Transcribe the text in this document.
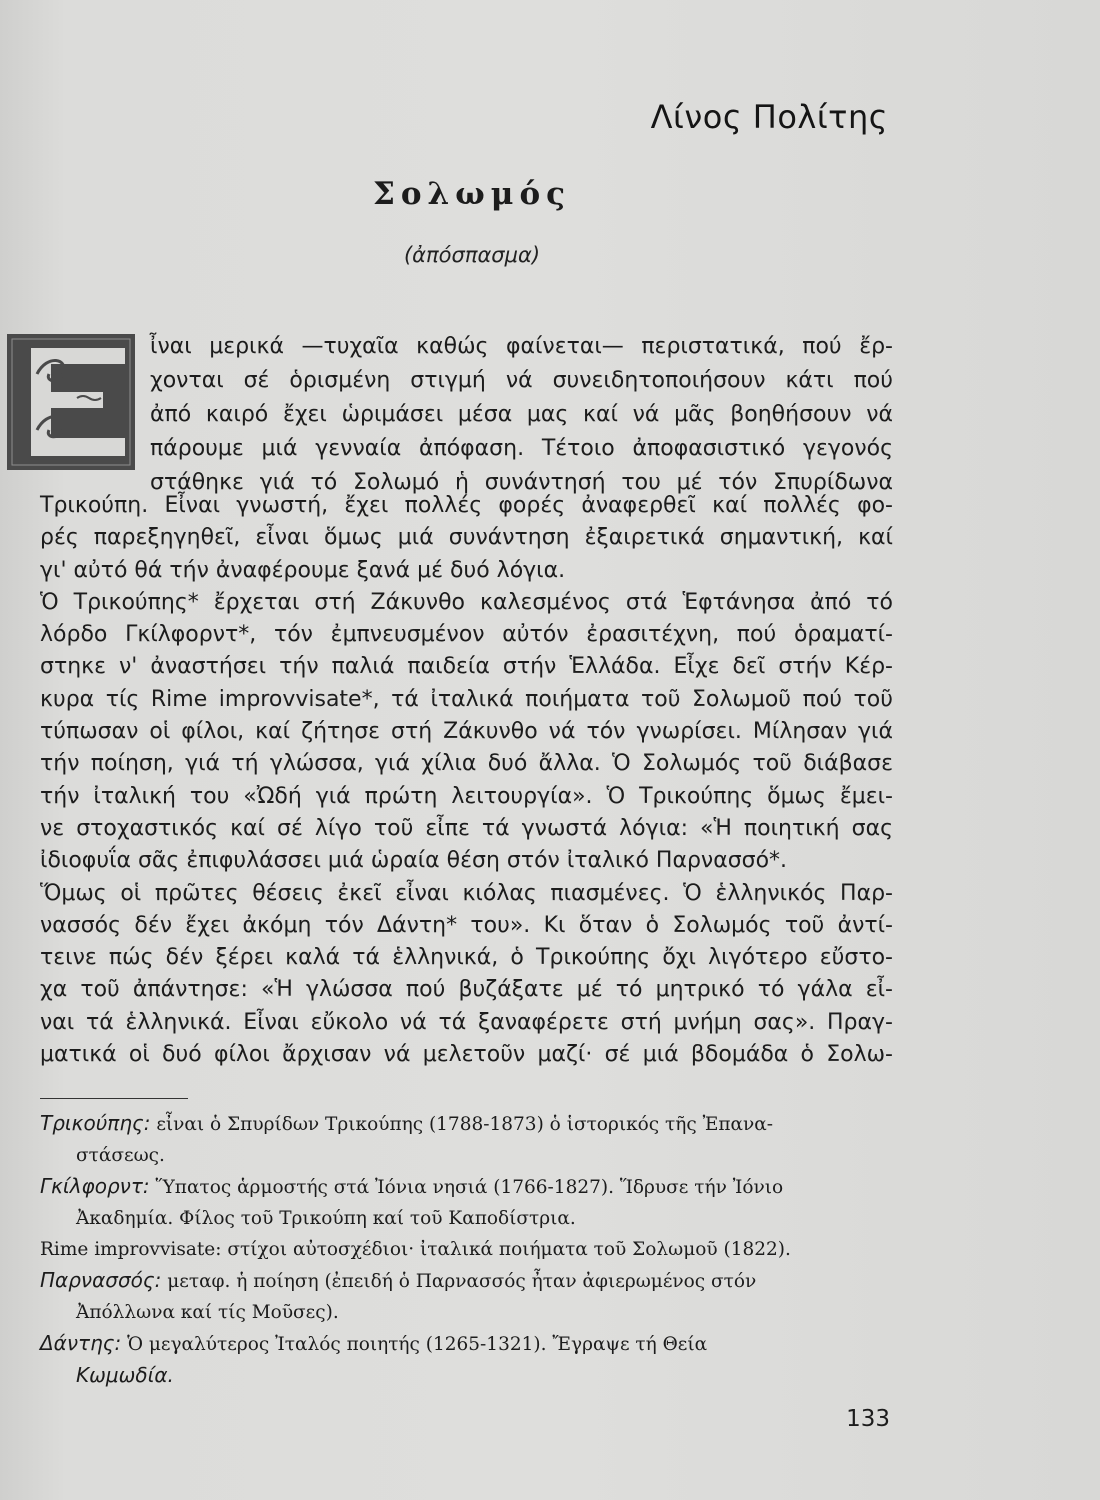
Λίνος Πολίτης
Σολωμός
(ἀπόσπασμα)
Ε
ἶναι μερικά —τυχαῖα καθώς φαίνεται— περιστατικά, πού ἔρ-
χονται σέ ὁρισμένη στιγμή νά συνειδητοποιήσουν κάτι πού
ἀπό καιρό ἔχει ὡριμάσει μέσα μας καί νά μᾶς βοηθήσουν νά
πάρουμε μιά γενναία ἀπόφαση. Τέτοιο ἀποφασιστικό γεγονός
στάθηκε γιά τό Σολωμό ἡ συνάντησή του μέ τόν Σπυρίδωνα
Τρικούπη. Εἶναι γνωστή, ἔχει πολλές φορές ἀναφερθεῖ καί πολλές φο-
ρές παρεξηγηθεῖ, εἶναι ὅμως μιά συνάντηση ἐξαιρετικά σημαντική, καί
γι' αὐτό θά τήν ἀναφέρουμε ξανά μέ δυό λόγια.
Ὁ Τρικούπης* ἔρχεται στή Ζάκυνθο καλεσμένος στά Ἑφτάνησα ἀπό τό
λόρδο Γκίλφορντ*, τόν ἐμπνευσμένον αὐτόν ἐρασιτέχνη, πού ὁραματί-
στηκε ν' ἀναστήσει τήν παλιά παιδεία στήν Ἑλλάδα. Εἶχε δεῖ στήν Κέρ-
κυρα τίς Rime improvvisate*, τά ἰταλικά ποιήματα τοῦ Σολωμοῦ πού τοῦ
τύπωσαν οἱ φίλοι, καί ζήτησε στή Ζάκυνθο νά τόν γνωρίσει. Μίλησαν γιά
τήν ποίηση, γιά τή γλώσσα, γιά χίλια δυό ἄλλα. Ὁ Σολωμός τοῦ διάβασε
τήν ἰταλική του «Ὠδή γιά πρώτη λειτουργία». Ὁ Τρικούπης ὅμως ἔμει-
νε στοχαστικός καί σέ λίγο τοῦ εἶπε τά γνωστά λόγια: «Ἡ ποιητική σας
ἰδιοφυΐα σᾶς ἐπιφυλάσσει μιά ὡραία θέση στόν ἰταλικό Παρνασσό*.
Ὅμως οἱ πρῶτες θέσεις ἐκεῖ εἶναι κιόλας πιασμένες. Ὁ ἑλληνικός Παρ-
νασσός δέν ἔχει ἀκόμη τόν Δάντη* του». Κι ὅταν ὁ Σολωμός τοῦ ἀντί-
τεινε πώς δέν ξέρει καλά τά ἑλληνικά, ὁ Τρικούπης ὄχι λιγότερο εὔστο-
χα τοῦ ἀπάντησε: «Ἡ γλώσσα πού βυζάξατε μέ τό μητρικό τό γάλα εἶ-
ναι τά ἑλληνικά. Εἶναι εὔκολο νά τά ξαναφέρετε στή μνήμη σας». Πραγ-
ματικά οἱ δυό φίλοι ἄρχισαν νά μελετοῦν μαζί· σέ μιά βδομάδα ὁ Σολω-

Τρικούπης: εἶναι ὁ Σπυρίδων Τρικούπης (1788-1873) ὁ ἱστορικός τῆς Ἐπανα-
στάσεως.

Γκίλφορντ: Ὕπατος ἁρμοστής στά Ἰόνια νησιά (1766-1827). Ἵδρυσε τήν Ἰόνιο
Ἀκαδημία. Φίλος τοῦ Τρικούπη καί τοῦ Καποδίστρια.

Rime improvvisate: στίχοι αὐτοσχέδιοι· ἰταλικά ποιήματα τοῦ Σολωμοῦ (1822).

Παρνασσός: μεταφ. ἡ ποίηση (ἐπειδή ὁ Παρνασσός ἦταν ἀφιερωμένος στόν
Ἀπόλλωνα καί τίς Μοῦσες).

Δάντης: Ὁ μεγαλύτερος Ἰταλός ποιητής (1265-1321). Ἔγραψε τή Θεία
Κωμωδία.

133
